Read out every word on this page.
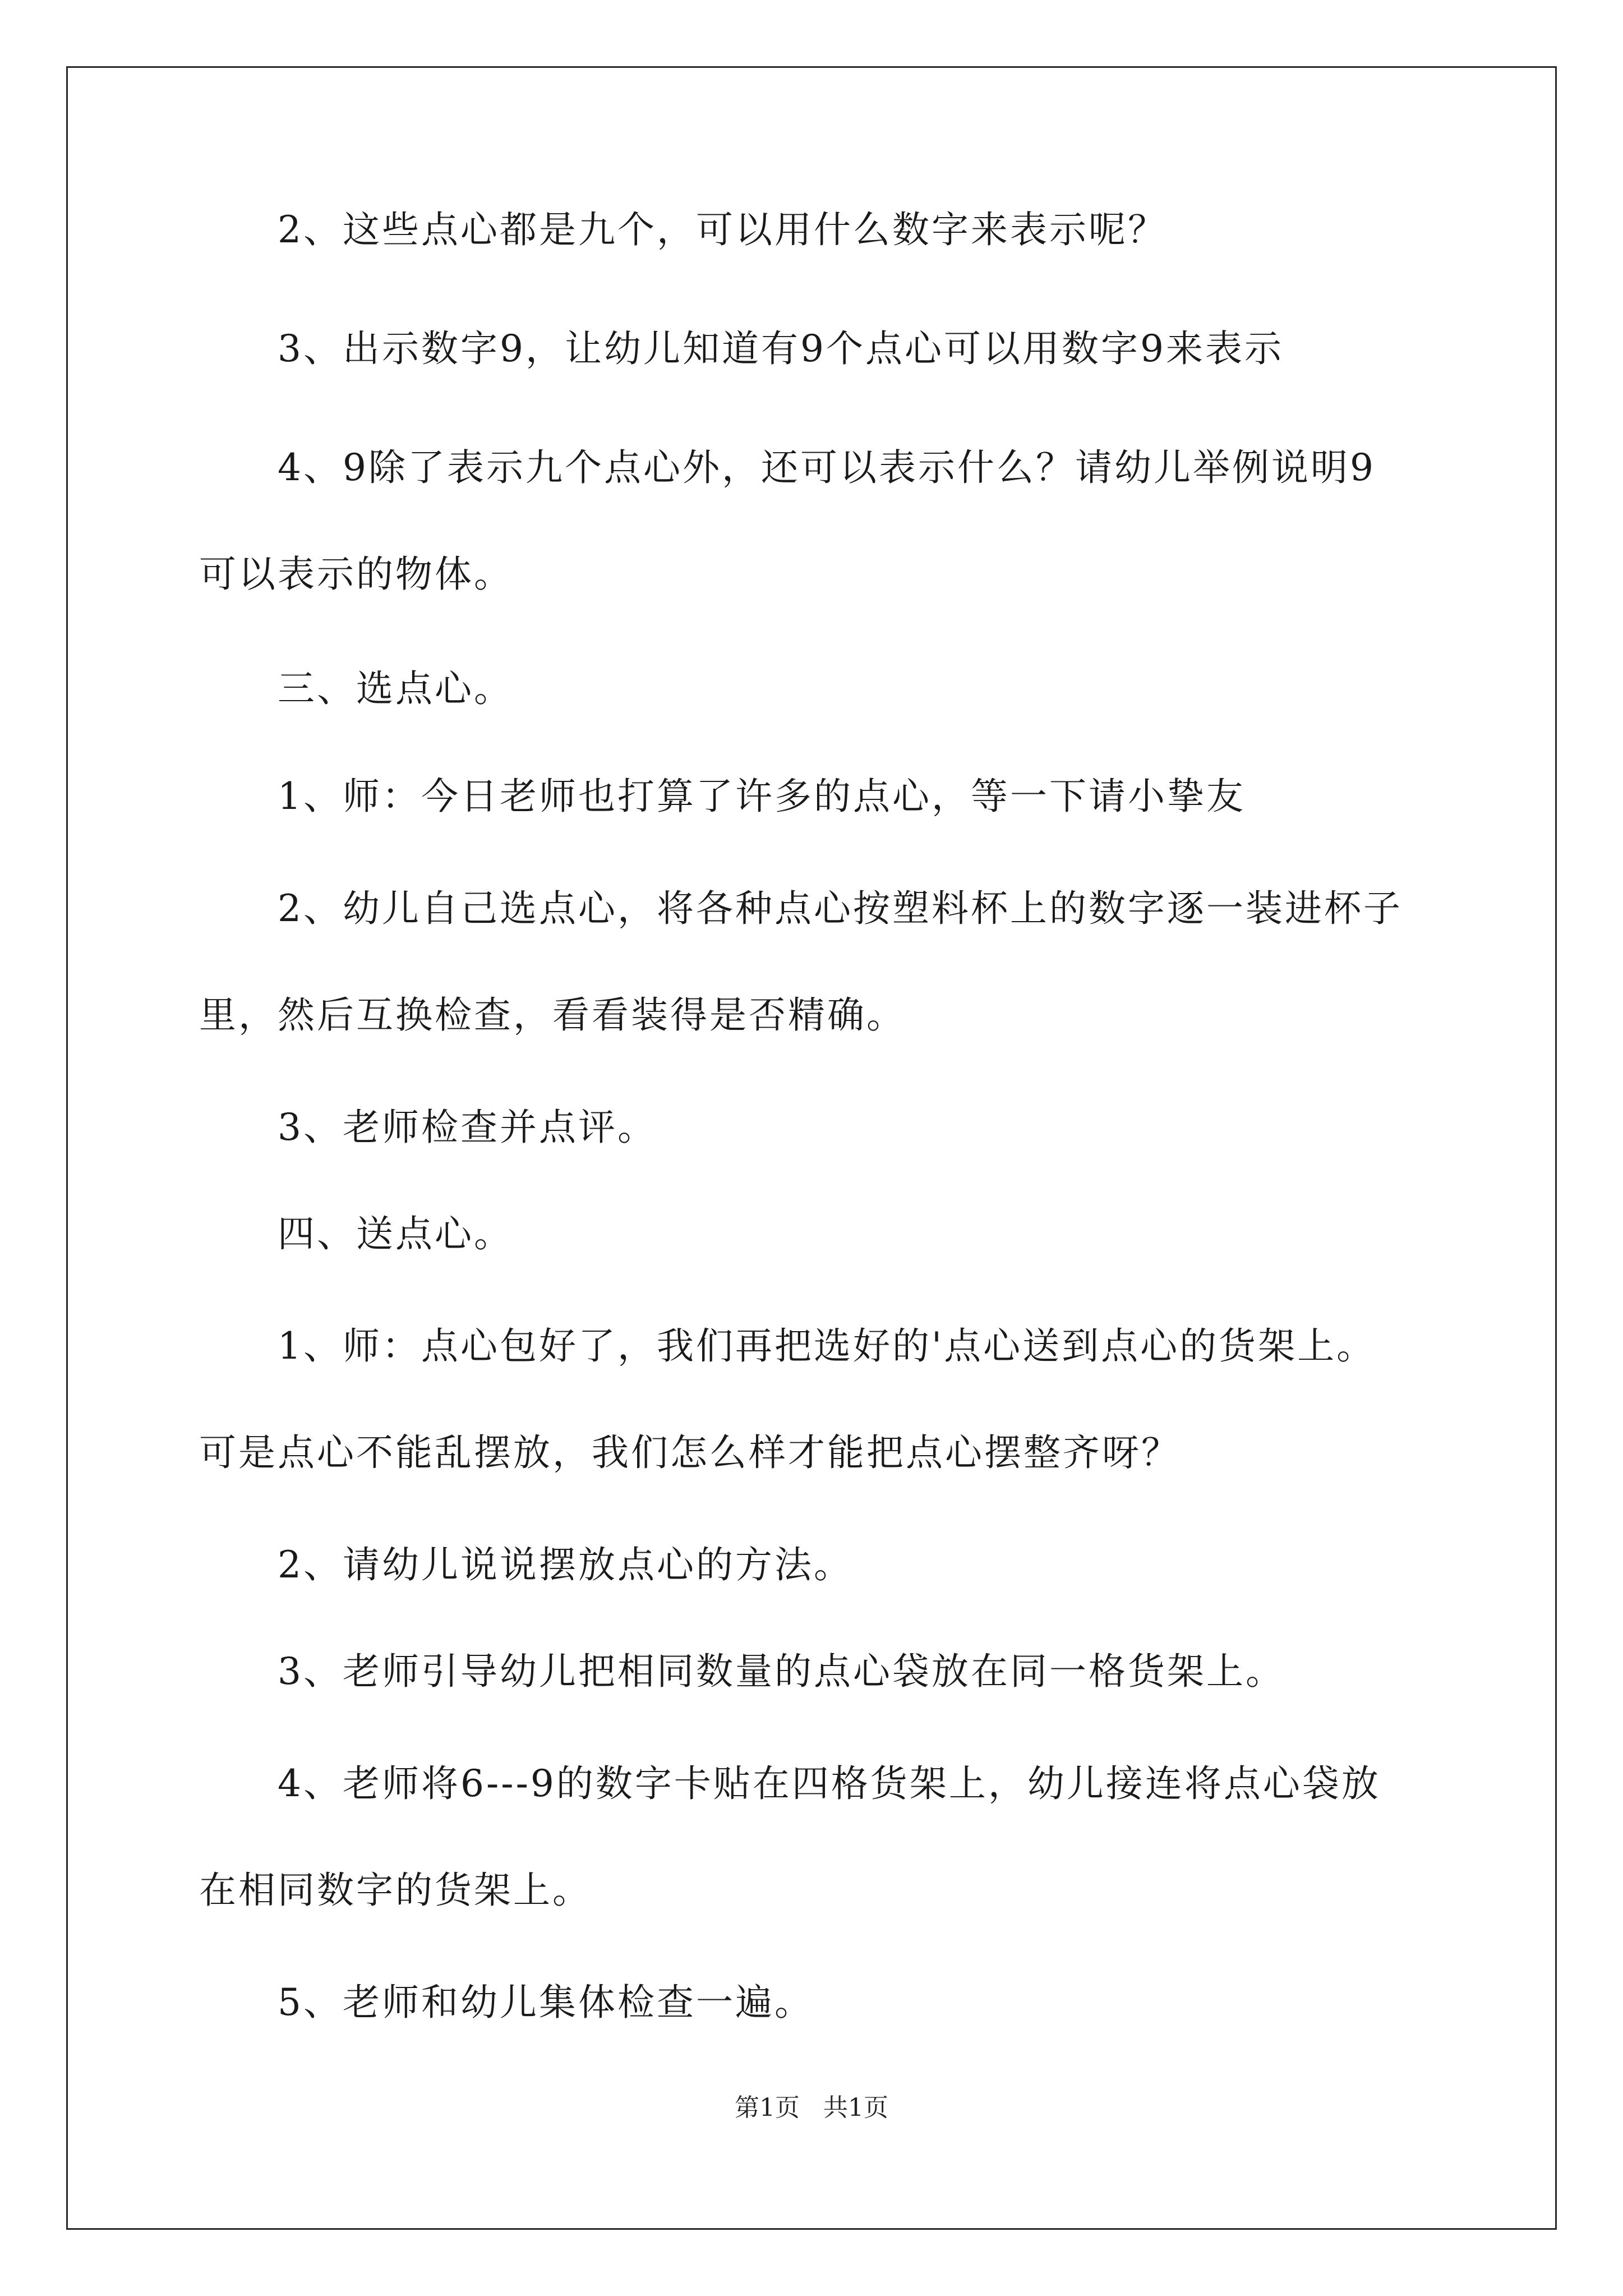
2、这些点心都是九个，可以用什么数字来表示呢？
3、出示数字9，让幼儿知道有9个点心可以用数字9来表示
4、9除了表示九个点心外，还可以表示什么？请幼儿举例说明9
可以表示的物体。
三、选点心。
1、师：今日老师也打算了许多的点心，等一下请小挚友
2、幼儿自己选点心，将各种点心按塑料杯上的数字逐一装进杯子
里，然后互换检查，看看装得是否精确。
3、老师检查并点评。
四、送点心。
1、师：点心包好了，我们再把选好的'点心送到点心的货架上。
可是点心不能乱摆放，我们怎么样才能把点心摆整齐呀？
2、请幼儿说说摆放点心的方法。
3、老师引导幼儿把相同数量的点心袋放在同一格货架上。
4、老师将6---9的数字卡贴在四格货架上，幼儿接连将点心袋放
在相同数字的货架上。
5、老师和幼儿集体检查一遍。
第1页   共1页
